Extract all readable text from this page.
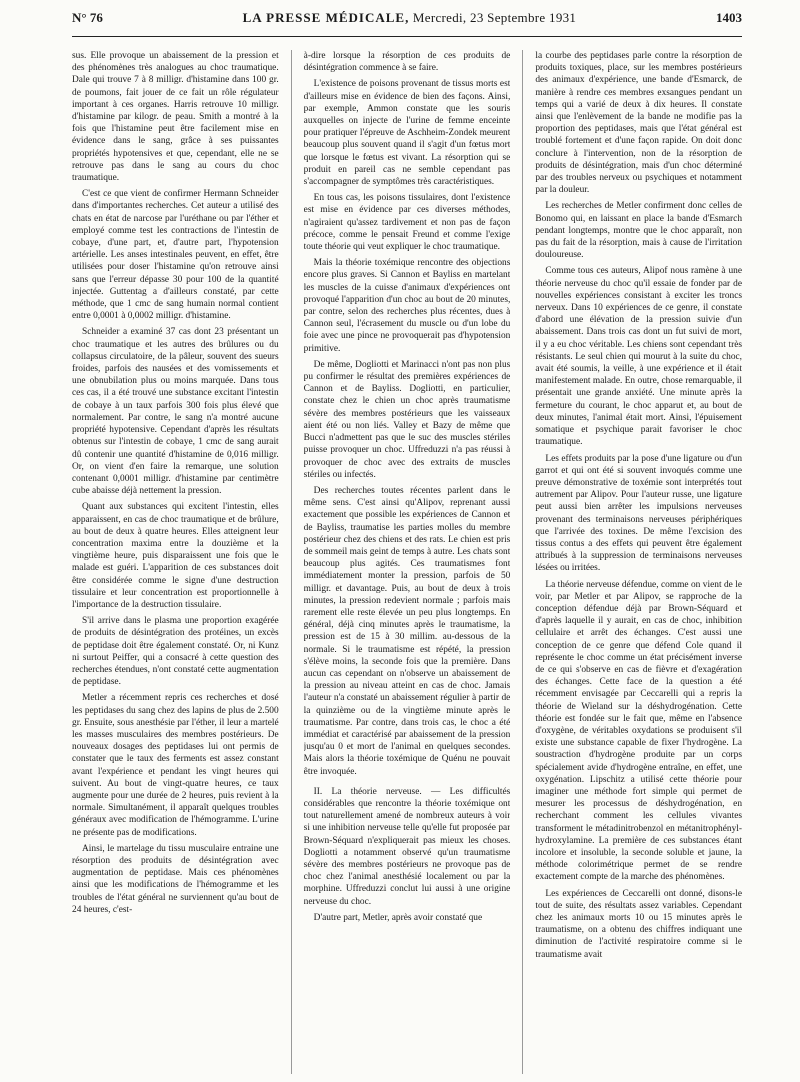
N° 76	LA PRESSE MÉDICALE, Mercredi, 23 Septembre 1931	1403

sus. Elle provoque un abaissement de la pression et des phénomènes très analogues au choc traumatique. Dale qui trouve 7 à 8 milligr. d'histamine dans 100 gr. de poumons, fait jouer de ce fait un rôle régulateur important à ces organes. Harris retrouve 10 milligr. d'histamine par kilogr. de peau. Smith a montré à la fois que l'histamine peut être facilement mise en évidence dans le sang, grâce à ses puissantes propriétés hypotensives et que, cependant, elle ne se retrouve pas dans le sang au cours du choc traumatique.

C'est ce que vient de confirmer Hermann Schneider dans d'importantes recherches. Cet auteur a utilisé des chats en état de narcose par l'uréthane ou par l'éther et employé comme test les contractions de l'intestin de cobaye, d'une part, et, d'autre part, l'hypotension artérielle. Les anses intestinales peuvent, en effet, être utilisées pour doser l'histamine qu'on retrouve ainsi sans que l'erreur dépasse 30 pour 100 de la quantité injectée. Guttentag a d'ailleurs constaté, par cette méthode, que 1 cmc de sang humain normal contient entre 0,0001 à 0,0002 milligr. d'histamine.

Schneider a examiné 37 cas dont 23 présentant un choc traumatique et les autres des brûlures ou du collapsus circulatoire, de la pâleur, souvent des sueurs froides, parfois des nausées et des vomissements et une obnubilation plus ou moins marquée. Dans tous ces cas, il a été trouvé une substance excitant l'intestin de cobaye à un taux parfois 300 fois plus élevé que normalement. Par contre, le sang n'a montré aucune propriété hypotensive. Cependant d'après les résultats obtenus sur l'intestin de cobaye, 1 cmc de sang aurait dû contenir une quantité d'histamine de 0,016 milligr. Or, on vient d'en faire la remarque, une solution contenant 0,0001 milligr. d'histamine par centimètre cube abaisse déjà nettement la pression.

Quant aux substances qui excitent l'intestin, elles apparaissent, en cas de choc traumatique et de brûlure, au bout de deux à quatre heures. Elles atteignent leur concentration maxima entre la douzième et la vingtième heure, puis disparaissent une fois que le malade est guéri. L'apparition de ces substances doit être considérée comme le signe d'une destruction tissulaire et leur concentration est proportionnelle à l'importance de la destruction tissulaire.

S'il arrive dans le plasma une proportion exagérée de produits de désintégration des protéines, un excès de peptidase doit être également constaté. Or, ni Kunz ni surtout Peiffer, qui a consacré à cette question des recherches étendues, n'ont constaté cette augmentation de peptidase.

Metler a récemment repris ces recherches et dosé les peptidases du sang chez des lapins de plus de 2.500 gr. Ensuite, sous anesthésie par l'éther, il leur a martelé les masses musculaires des membres postérieurs. De nouveaux dosages des peptidases lui ont permis de constater que le taux des ferments est assez constant avant l'expérience et pendant les vingt heures qui suivent. Au bout de vingt-quatre heures, ce taux augmente pour une durée de 2 heures, puis revient à la normale. Simultanément, il apparaît quelques troubles généraux avec modification de l'hémogramme. L'urine ne présente pas de modifications.

Ainsi, le martelage du tissu musculaire entraine une résorption des produits de désintégration avec augmentation de peptidase. Mais ces phénomènes ainsi que les modifications de l'hémogramme et les troubles de l'état général ne surviennent qu'au bout de 24 heures, c'est-

à-dire lorsque la résorption de ces produits de désintégration commence à se faire.

L'existence de poisons provenant de tissus morts est d'ailleurs mise en évidence de bien des façons. Ainsi, par exemple, Ammon constate que les souris auxquelles on injecte de l'urine de femme enceinte pour pratiquer l'épreuve de Aschheim-Zondek meurent beaucoup plus souvent quand il s'agit d'un fœtus mort que lorsque le fœtus est vivant. La résorption qui se produit en pareil cas ne semble cependant pas s'accompagner de symptômes très caractéristiques.

En tous cas, les poisons tissulaires, dont l'existence est mise en évidence par ces diverses méthodes, n'agiraient qu'assez tardivement et non pas de façon précoce, comme le pensait Freund et comme l'exige toute théorie qui veut expliquer le choc traumatique.

Mais la théorie toxémique rencontre des objections encore plus graves. Si Cannon et Bayliss en martelant les muscles de la cuisse d'animaux d'expériences ont provoqué l'apparition d'un choc au bout de 20 minutes, par contre, selon des recherches plus récentes, dues à Cannon seul, l'écrasement du muscle ou d'un lobe du foie avec une pince ne provoquerait pas d'hypotension primitive.

De même, Dogliotti et Marinacci n'ont pas non plus pu confirmer le résultat des premières expériences de Cannon et de Bayliss. Dogliotti, en particulier, constate chez le chien un choc après traumatisme sévère des membres postérieurs que les vaisseaux aient été ou non liés. Valley et Bazy de même que Bucci n'admettent pas que le suc des muscles stériles puisse provoquer un choc. Uffreduzzi n'a pas réussi à provoquer de choc avec des extraits de muscles stériles ou infectés.

Des recherches toutes récentes parlent dans le même sens. C'est ainsi qu'Alipov, reprenant aussi exactement que possible les expériences de Cannon et de Bayliss, traumatise les parties molles du membre postérieur chez des chiens et des rats. Le chien est pris de sommeil mais geint de temps à autre. Les chats sont beaucoup plus agités. Ces traumatismes font immédiatement monter la pression, parfois de 50 milligr. et davantage. Puis, au bout de deux à trois minutes, la pression redevient normale ; parfois mais rarement elle reste élevée un peu plus longtemps. En général, déjà cinq minutes après le traumatisme, la pression est de 15 à 30 millim. au-dessous de la normale. Si le traumatisme est répété, la pression s'élève moins, la seconde fois que la première. Dans aucun cas cependant on n'observe un abaissement de la pression au niveau atteint en cas de choc. Jamais l'auteur n'a constaté un abaissement régulier à partir de la quinzième ou de la vingtième minute après le traumatisme. Par contre, dans trois cas, le choc a été immédiat et caractérisé par abaissement de la pression jusqu'au 0 et mort de l'animal en quelques secondes. Mais alors la théorie toxémique de Quénu ne pouvait être invoquée.

II. La théorie nerveuse. — Les difficultés considérables que rencontre la théorie toxémique ont tout naturellement amené de nombreux auteurs à voir si une inhibition nerveuse telle qu'elle fut proposée par Brown-Séquard n'expliquerait pas mieux les choses. Dogliotti a notamment observé qu'un traumatisme sévère des membres postérieurs ne provoque pas de choc chez l'animal anesthésié localement ou par la morphine. Uffreduzzi conclut lui aussi à une origine nerveuse du choc.

D'autre part, Metler, après avoir constaté que

la courbe des peptidases parle contre la résorption de produits toxiques, place, sur les membres postérieurs des animaux d'expérience, une bande d'Esmarck, de manière à rendre ces membres exsangues pendant un temps qui a varié de deux à dix heures. Il constate ainsi que l'enlèvement de la bande ne modifie pas la proportion des peptidases, mais que l'état général est troublé fortement et d'une façon rapide. On doit donc conclure à l'intervention, non de la résorption de produits de désintégration, mais d'un choc déterminé par des troubles nerveux ou psychiques et notamment par la douleur.

Les recherches de Metler confirment donc celles de Bonomo qui, en laissant en place la bande d'Esmarch pendant longtemps, montre que le choc apparaît, non pas du fait de la résorption, mais à cause de l'irritation douloureuse.

Comme tous ces auteurs, Alipof nous ramène à une théorie nerveuse du choc qu'il essaie de fonder par de nouvelles expériences consistant à exciter les troncs nerveux. Dans 10 expériences de ce genre, il constate d'abord une élévation de la pression suivie d'un abaissement. Dans trois cas dont un fut suivi de mort, il y a eu choc véritable. Les chiens sont cependant très résistants. Le seul chien qui mourut à la suite du choc, avait été soumis, la veille, à une expérience et il était manifestement malade. En outre, chose remarquable, il présentait une grande anxiété. Une minute après la fermeture du courant, le choc apparut et, au bout de deux minutes, l'animal était mort. Ainsi, l'épuisement somatique et psychique parait favoriser le choc traumatique.

Les effets produits par la pose d'une ligature ou d'un garrot et qui ont été si souvent invoqués comme une preuve démonstrative de toxémie sont interprétés tout autrement par Alipov. Pour l'auteur russe, une ligature peut aussi bien arrêter les impulsions nerveuses provenant des terminaisons nerveuses périphériques que l'arrivée des toxines. De même l'excision des tissus contus a des effets qui peuvent être également attribués à la suppression de terminaisons nerveuses lésées ou irritées.

La théorie nerveuse défendue, comme on vient de le voir, par Metler et par Alipov, se rapproche de la conception défendue déjà par Brown-Séquard et d'après laquelle il y aurait, en cas de choc, inhibition cellulaire et arrêt des échanges. C'est aussi une conception de ce genre que défend Cole quand il représente le choc comme un état précisément inverse de ce qui s'observe en cas de fièvre et d'exagération des échanges. Cette face de la question a été récemment envisagée par Ceccarelli qui a repris la théorie de Wieland sur la déshydrogénation. Cette théorie est fondée sur le fait que, même en l'absence d'oxygène, de véritables oxydations se produisent s'il existe une substance capable de fixer l'hydrogène. La soustraction d'hydrogène produite par un corps spécialement avide d'hydrogène entraîne, en effet, une oxygénation. Lipschitz a utilisé cette théorie pour imaginer une méthode fort simple qui permet de mesurer les processus de déshydrogénation, en recherchant comment les cellules vivantes transforment le métadinitrobenzol en métanitrophényl-hydroxylamine. La première de ces substances étant incolore et insoluble, la seconde soluble et jaune, la méthode colorimétrique permet de se rendre exactement compte de la marche des phénomènes.

Les expériences de Ceccarelli ont donné, disons-le tout de suite, des résultats assez variables. Cependant chez les animaux morts 10 ou 15 minutes après le traumatisme, on a obtenu des chiffres indiquant une diminution de l'activité respiratoire comme si le traumatisme avait
